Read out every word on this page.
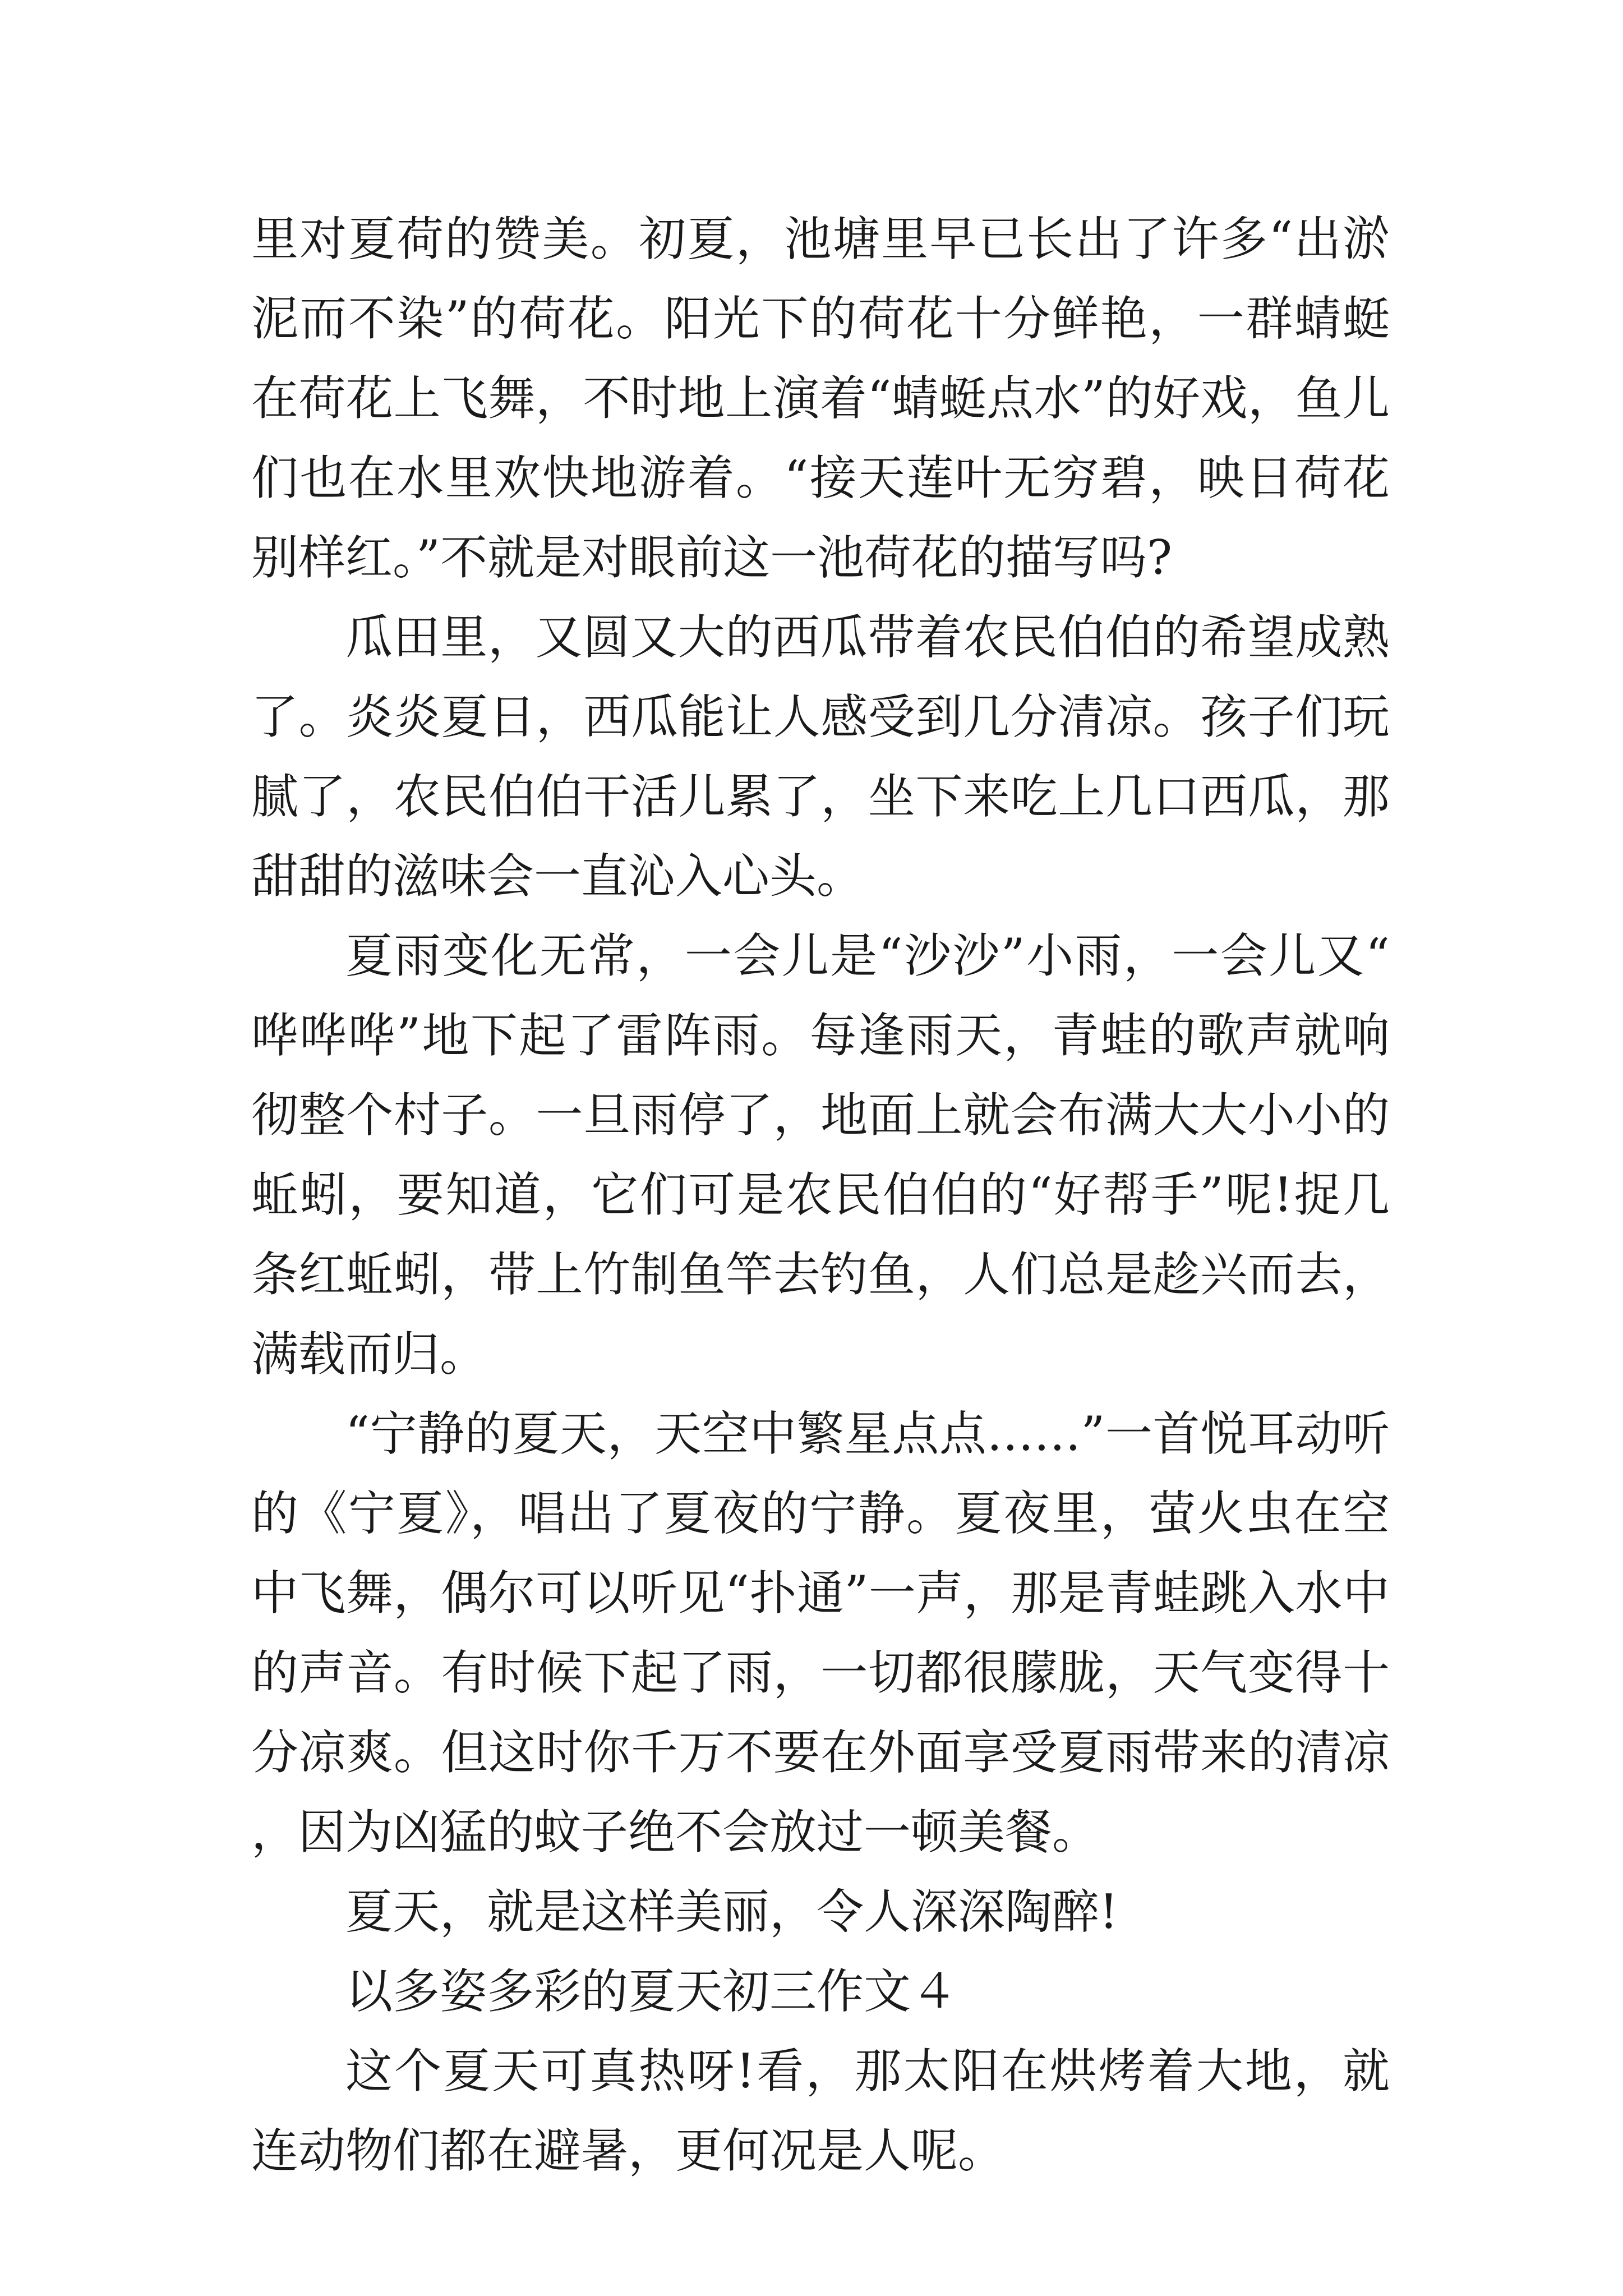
里对夏荷的赞美。初夏，池塘里早已长出了许多“出淤泥而不染”的荷花。阳光下的荷花十分鲜艳，一群蜻蜓在荷花上飞舞，不时地上演着“蜻蜓点水”的好戏，鱼儿们也在水里欢快地游着。“接天莲叶无穷碧，映日荷花别样红。”不就是对眼前这一池荷花的描写吗?

瓜田里，又圆又大的西瓜带着农民伯伯的希望成熟了。炎炎夏日，西瓜能让人感受到几分清凉。孩子们玩腻了，农民伯伯干活儿累了，坐下来吃上几口西瓜，那甜甜的滋味会一直沁入心头。

夏雨变化无常，一会儿是“沙沙”小雨，一会儿又“哗哗哗”地下起了雷阵雨。每逢雨天，青蛙的歌声就响彻整个村子。一旦雨停了，地面上就会布满大大小小的蚯蚓，要知道，它们可是农民伯伯的“好帮手”呢!捉几条红蚯蚓，带上竹制鱼竿去钓鱼，人们总是趁兴而去，满载而归。

“宁静的夏天，天空中繁星点点……”一首悦耳动听的《宁夏》，唱出了夏夜的宁静。夏夜里，萤火虫在空中飞舞，偶尔可以听见“扑通”一声，那是青蛙跳入水中的声音。有时候下起了雨，一切都很朦胧，天气变得十分凉爽。但这时你千万不要在外面享受夏雨带来的清凉，因为凶猛的蚊子绝不会放过一顿美餐。

夏天，就是这样美丽，令人深深陶醉!

以多姿多彩的夏天初三作文４

这个夏天可真热呀!看，那太阳在烘烤着大地，就连动物们都在避暑，更何况是人呢。
